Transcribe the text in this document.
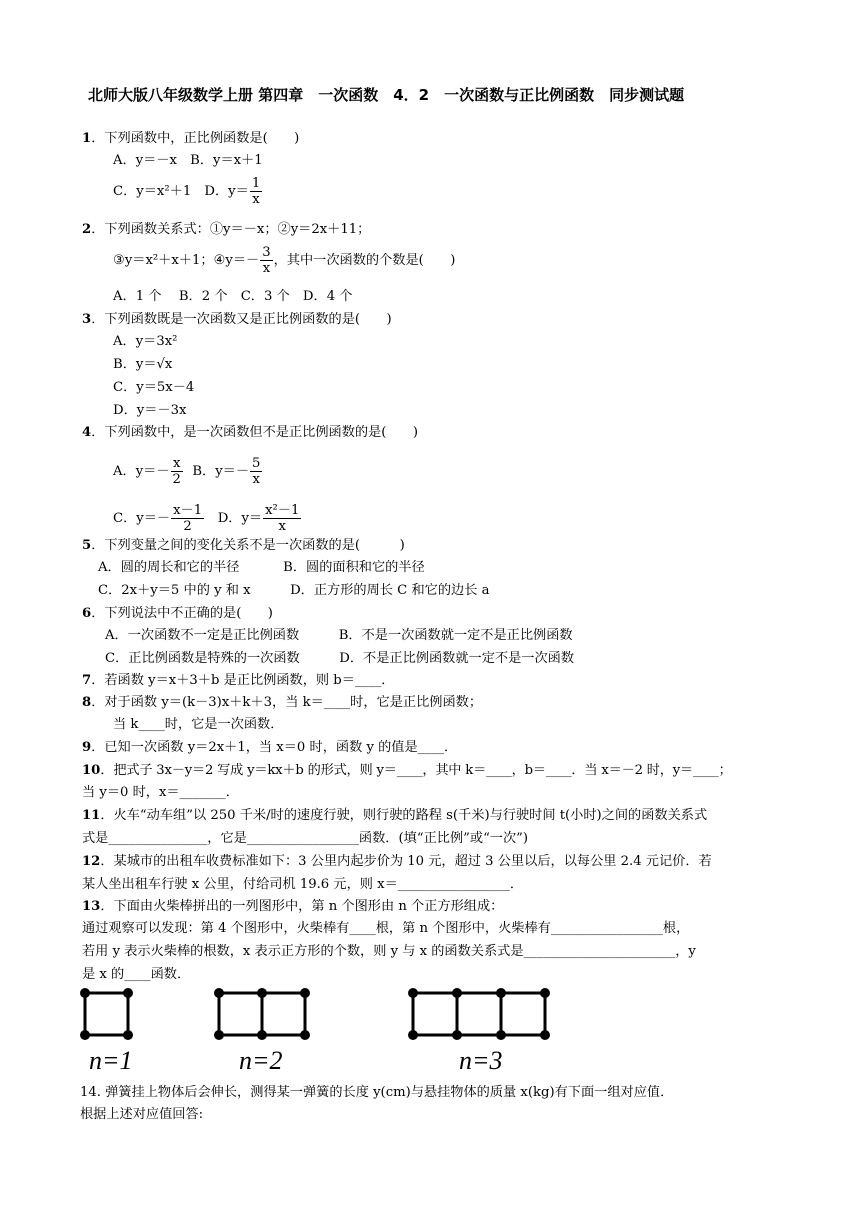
北师大版八年级数学上册 第四章　一次函数　4．2　一次函数与正比例函数　同步测试题
1．下列函数中，正比例函数是(　　)
A．y＝－x　B．y＝x＋1
C．y＝x²＋1　D．$y= \frac{1}{x}$
2．下列函数关系式：①y＝－x；②y＝2x＋11；
③y＝x²＋x＋1；④y＝－ $\frac{3}{x}$ ，其中一次函数的个数是(　　)
A．1 个　 B．2 个　C．3 个　D．4 个
3．下列函数既是一次函数又是正比例函数的是(　　)
A．y＝3x²
B．y＝√x
C．y＝5x－4
D．y＝－3x
4．下列函数中，是一次函数但不是正比例函数的是(　　)
A．$y=- \frac{x}{2}$ B．$y=- \frac{5}{x}$
C．$y=- \frac{x-1}{2}$ D．$y= \frac{\text{x²－1}}{x}$
5．下列变量之间的变化关系不是一次函数的是(　　　)
A．圆的周长和它的半径　　　 B．圆的面积和它的半径
C．2x＋y＝5 中的 y 和 x　　　D．正方形的周长 C 和它的边长 a
6．下列说法中不正确的是(　　)
A．一次函数不一定是正比例函数　　　B．不是一次函数就一定不是正比例函数
C．正比例函数是特殊的一次函数　　　D．不是正比例函数就一定不是一次函数
7．若函数 y＝x＋3＋b 是正比例函数，则 b＝____．
8．对于函数 y＝(k－3)x＋k＋3，当 k＝____时，它是正比例函数；
当 k____时，它是一次函数．
9．已知一次函数 y＝2x＋1，当 x＝0 时，函数 y 的值是____．
10．把式子 3x－y＝2 写成 y＝kx＋b 的形式，则 y＝____，其中 k＝____，b＝____．当 x＝－2 时，y＝____；
当 y＝0 时，x＝_______．
11．火车“动车组”以 250 千米/时的速度行驶，则行驶的路程 s(千米)与行驶时间 t(小时)之间的函数关系式
式是_______________，它是_________________函数．(填“正比例”或“一次”)
12．某城市的出租车收费标准如下：3 公里内起步价为 10 元，超过 3 公里以后，以每公里 2.4 元记价．若
某人坐出租车行驶 x 公里，付给司机 19.6 元，则 x＝_________________．
13．下面由火柴棒拼出的一列图形中，第 n 个图形由 n 个正方形组成：
通过观察可以发现：第 4 个图形中，火柴棒有____根，第 n 个图形中，火柴棒有_________________根，
若用 y 表示火柴棒的根数，x 表示正方形的个数，则 y 与 x 的函数关系式是_______________________，y
是 x 的____函数．
n=1	n=2	n=3
14. 弹簧挂上物体后会伸长，测得某一弹簧的长度 y(cm)与悬挂物体的质量 x(kg)有下面一组对应值．
根据上述对应值回答:
